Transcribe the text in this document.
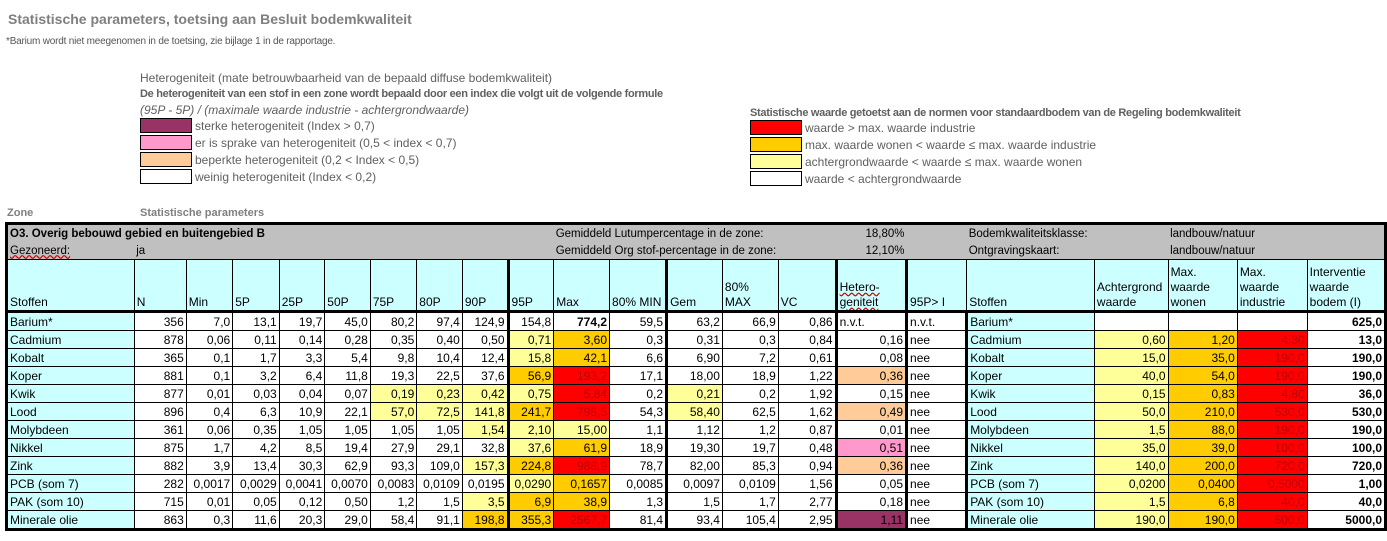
Statistische parameters, toetsing aan Besluit bodemkwaliteit
*Barium wordt niet meegenomen in de toetsing, zie bijlage 1 in de rapportage.
Heterogeniteit (mate betrouwbaarheid van de bepaald diffuse bodemkwaliteit)
De heterogeniteit van een stof in een zone wordt bepaald door een index die volgt uit de volgende formule
(95P - 5P) / (maximale waarde industrie - achtergrondwaarde)
sterke heterogeniteit (Index > 0,7)
er is sprake van heterogeniteit (0,5 < index < 0,7)
beperkte heterogeniteit (0,2 < Index < 0,5)
weinig heterogeniteit (Index < 0,2)
Statistische waarde getoetst aan de normen voor standaardbodem van de Regeling bodemkwaliteit
waarde > max. waarde industrie
max. waarde wonen < waarde ≤ max. waarde industrie
achtergrondwaarde < waarde ≤ max. waarde wonen
waarde < achtergrondwaarde
Zone	Statistische parameters
O3. Overig bebouwd gebied en buitengebied B										Gemiddeld Lutumpercentage in de zone:				18,80%			Bodemkwaliteitsklasse:		landbouw/natuur		
Gezoneerd:	ja									Gemiddeld Org stof-percentage in de zone:				12,10%			Ontgravingskaart:		landbouw/natuur		
Stoffen	N	Min	5P	25P	50P	75P	80P	90P	95P	Max	80% MIN	Gem	80% MAX	VC	Hetero-geniteit	95P> I	Stoffen	Achtergrond waarde	Max. waarde wonen	Max. waarde industrie	Interventie waarde bodem (I)
Barium*	356	7,0	13,1	19,7	45,0	80,2	97,4	124,9	154,8	774,2	59,5	63,2	66,9	0,86	n.v.t.	n.v.t.	Barium*				625,0
Cadmium	878	0,06	0,11	0,14	0,28	0,35	0,40	0,50	0,71	3,60	0,3	0,31	0,3	0,84	0,16	nee	Cadmium	0,60	1,20	4,30	13,0
Kobalt	365	0,1	1,7	3,3	5,4	9,8	10,4	12,4	15,8	42,1	6,6	6,90	7,2	0,61	0,08	nee	Kobalt	15,0	35,0	190,0	190,0
Koper	881	0,1	3,2	6,4	11,8	19,3	22,5	37,6	56,9	193,2	17,1	18,00	18,9	1,22	0,36	nee	Koper	40,0	54,0	190,0	190,0
Kwik	877	0,01	0,03	0,04	0,07	0,19	0,23	0,42	0,75	5,84	0,2	0,21	0,2	1,92	0,15	nee	Kwik	0,15	0,83	4,80	36,0
Lood	896	0,4	6,3	10,9	22,1	57,0	72,5	141,8	241,7	798,5	54,3	58,40	62,5	1,62	0,49	nee	Lood	50,0	210,0	530,0	530,0
Molybdeen	361	0,06	0,35	1,05	1,05	1,05	1,05	1,54	2,10	15,00	1,1	1,12	1,2	0,87	0,01	nee	Molybdeen	1,5	88,0	190,0	190,0
Nikkel	875	1,7	4,2	8,5	19,4	27,9	29,1	32,8	37,6	61,9	18,9	19,30	19,7	0,48	0,51	nee	Nikkel	35,0	39,0	100,0	100,0
Zink	882	3,9	13,4	30,3	62,9	93,3	109,0	157,3	224,8	988,9	78,7	82,00	85,3	0,94	0,36	nee	Zink	140,0	200,0	720,0	720,0
PCB (som 7)	282	0,0017	0,0029	0,0041	0,0070	0,0083	0,0109	0,0195	0,0290	0,1657	0,0085	0,0097	0,0109	1,56	0,05	nee	PCB (som 7)	0,0200	0,0400	0,5000	1,00
PAK (som 10)	715	0,01	0,05	0,12	0,50	1,2	1,5	3,5	6,9	38,9	1,3	1,5	1,7	2,77	0,18	nee	PAK (som 10)	1,5	6,8	40,0	40,0
Minerale olie	863	0,3	11,6	20,3	29,0	58,4	91,1	198,8	355,3	2567,7	81,4	93,4	105,4	2,95	1,11	nee	Minerale olie	190,0	190,0	500,0	5000,0
